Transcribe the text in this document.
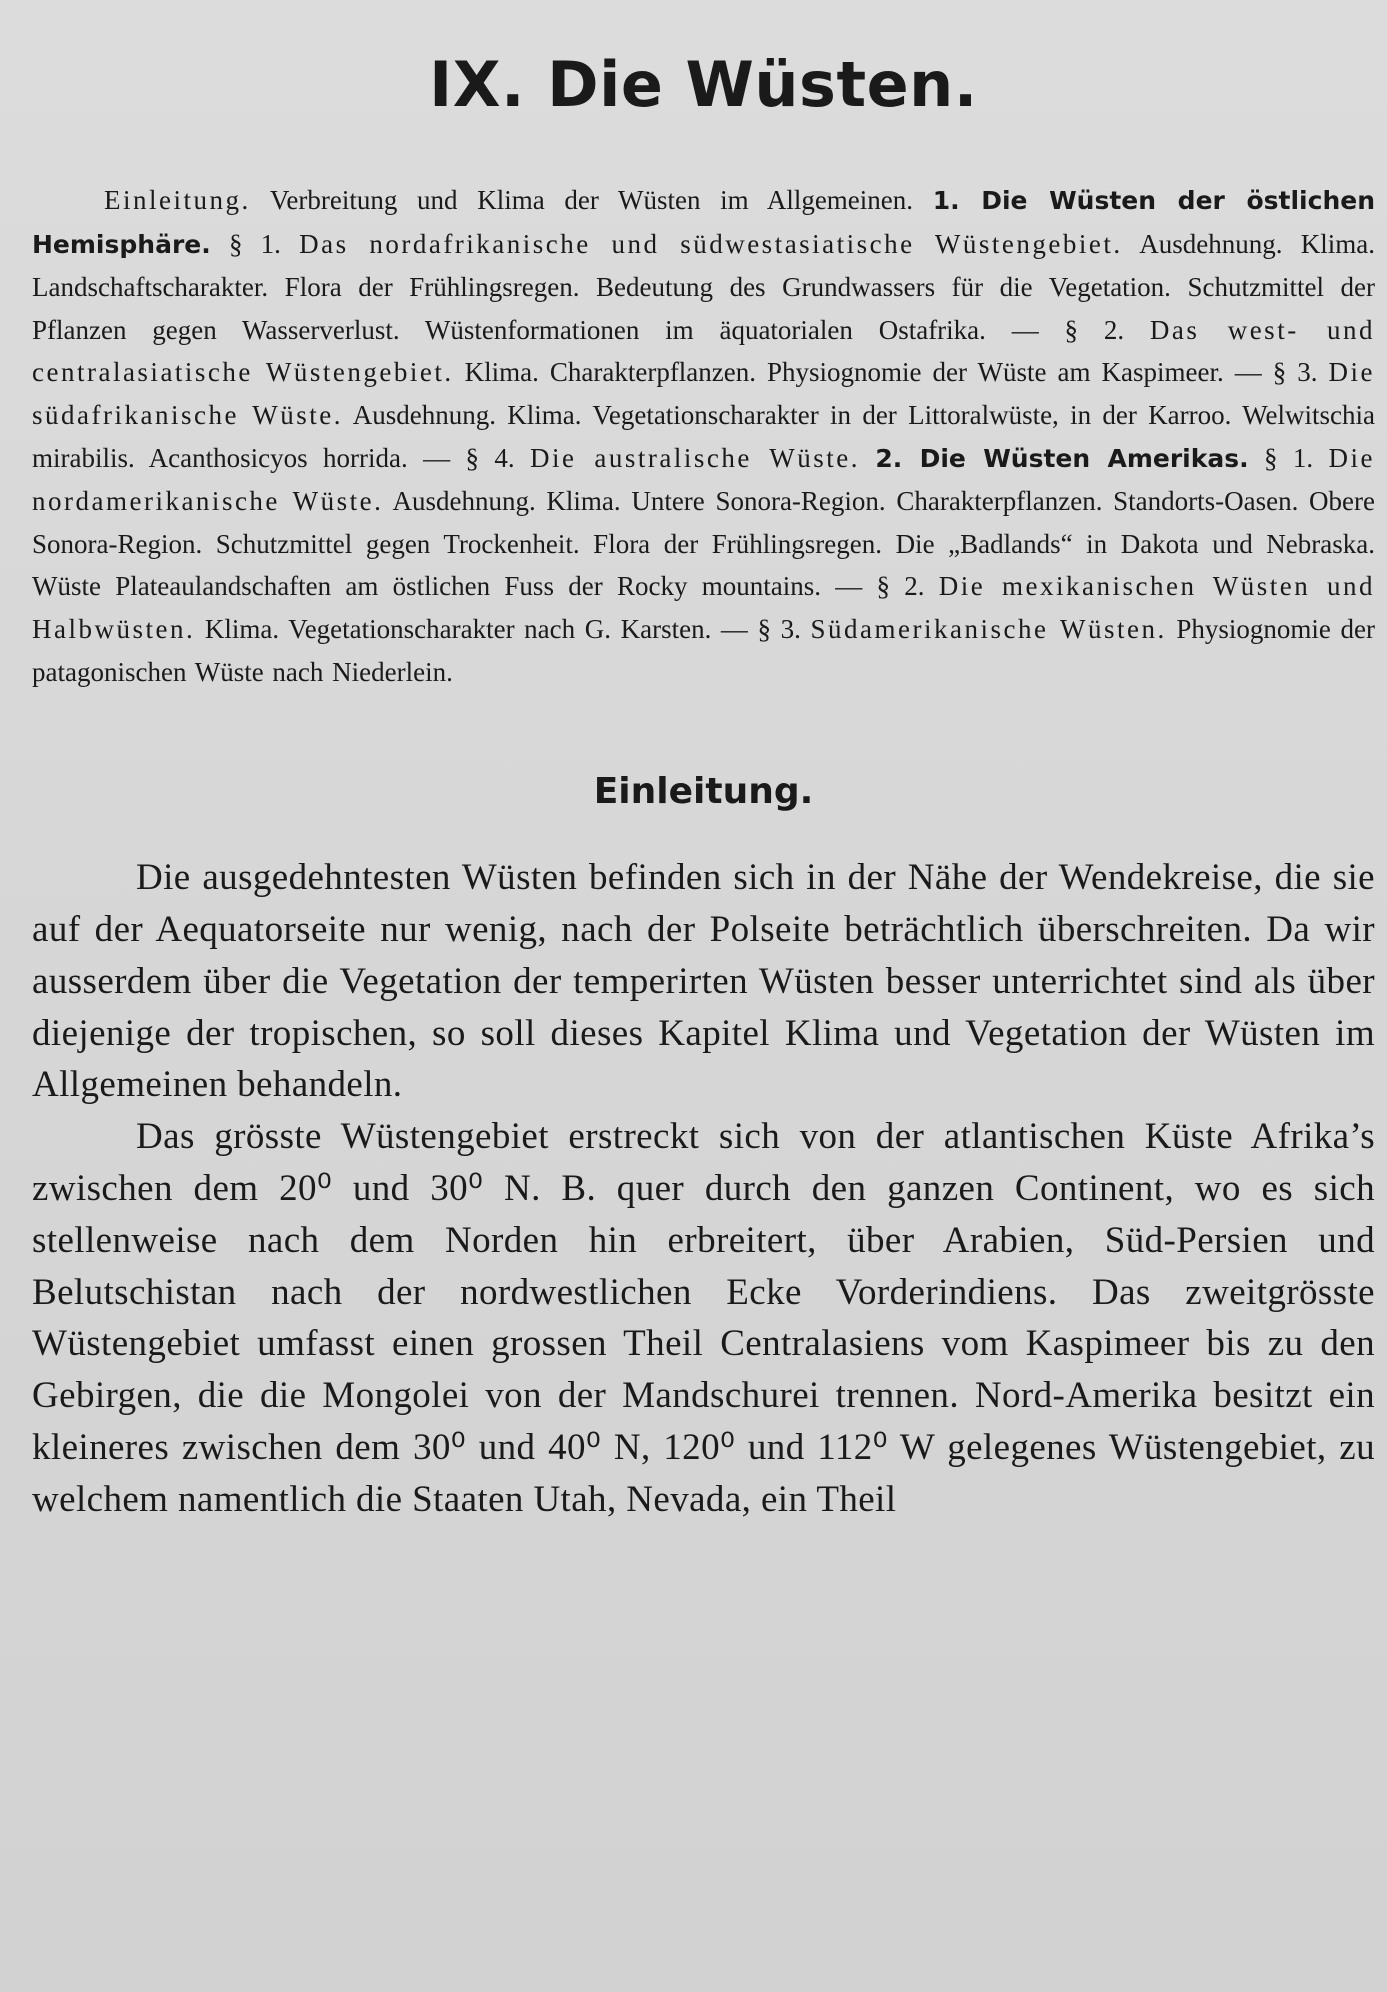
IX. Die Wüsten.

Einleitung. Verbreitung und Klima der Wüsten im Allgemeinen. 1. Die Wüsten der östlichen Hemisphäre. § 1. Das nordafrikanische und südwestasiatische Wüstengebiet. Ausdehnung. Klima. Landschaftscharakter. Flora der Frühlingsregen. Bedeutung des Grundwassers für die Vegetation. Schutzmittel der Pflanzen gegen Wasserverlust. Wüstenformationen im äquatorialen Ostafrika. — § 2. Das west- und centralasiatische Wüstengebiet. Klima. Charakterpflanzen. Physiognomie der Wüste am Kaspimeer. — § 3. Die südafrikanische Wüste. Ausdehnung. Klima. Vegetationscharakter in der Littoralwüste, in der Karroo. Welwitschia mirabilis. Acanthosicyos horrida. — § 4. Die australische Wüste. 2. Die Wüsten Amerikas. § 1. Die nordamerikanische Wüste. Ausdehnung. Klima. Untere Sonora-Region. Charakterpflanzen. Standorts-Oasen. Obere Sonora-Region. Schutzmittel gegen Trockenheit. Flora der Frühlingsregen. Die „Badlands“ in Dakota und Nebraska. Wüste Plateaulandschaften am östlichen Fuss der Rocky mountains. — § 2. Die mexikanischen Wüsten und Halbwüsten. Klima. Vegetationscharakter nach G. Karsten. — § 3. Südamerikanische Wüsten. Physiognomie der patagonischen Wüste nach Niederlein.

Einleitung.

Die ausgedehntesten Wüsten befinden sich in der Nähe der Wendekreise, die sie auf der Aequatorseite nur wenig, nach der Polseite beträchtlich überschreiten. Da wir ausserdem über die Vegetation der temperirten Wüsten besser unterrichtet sind als über diejenige der tropischen, so soll dieses Kapitel Klima und Vegetation der Wüsten im Allgemeinen behandeln.

Das grösste Wüstengebiet erstreckt sich von der atlantischen Küste Afrika’s zwischen dem 20⁰ und 30⁰ N. B. quer durch den ganzen Continent, wo es sich stellenweise nach dem Norden hin erbreitert, über Arabien, Süd-Persien und Belutschistan nach der nordwestlichen Ecke Vorderindiens. Das zweitgrösste Wüstengebiet umfasst einen grossen Theil Centralasiens vom Kaspimeer bis zu den Gebirgen, die die Mongolei von der Mandschurei trennen. Nord-Amerika besitzt ein kleineres zwischen dem 30⁰ und 40⁰ N, 120⁰ und 112⁰ W gelegenes Wüstengebiet, zu welchem namentlich die Staaten Utah, Nevada, ein Theil
